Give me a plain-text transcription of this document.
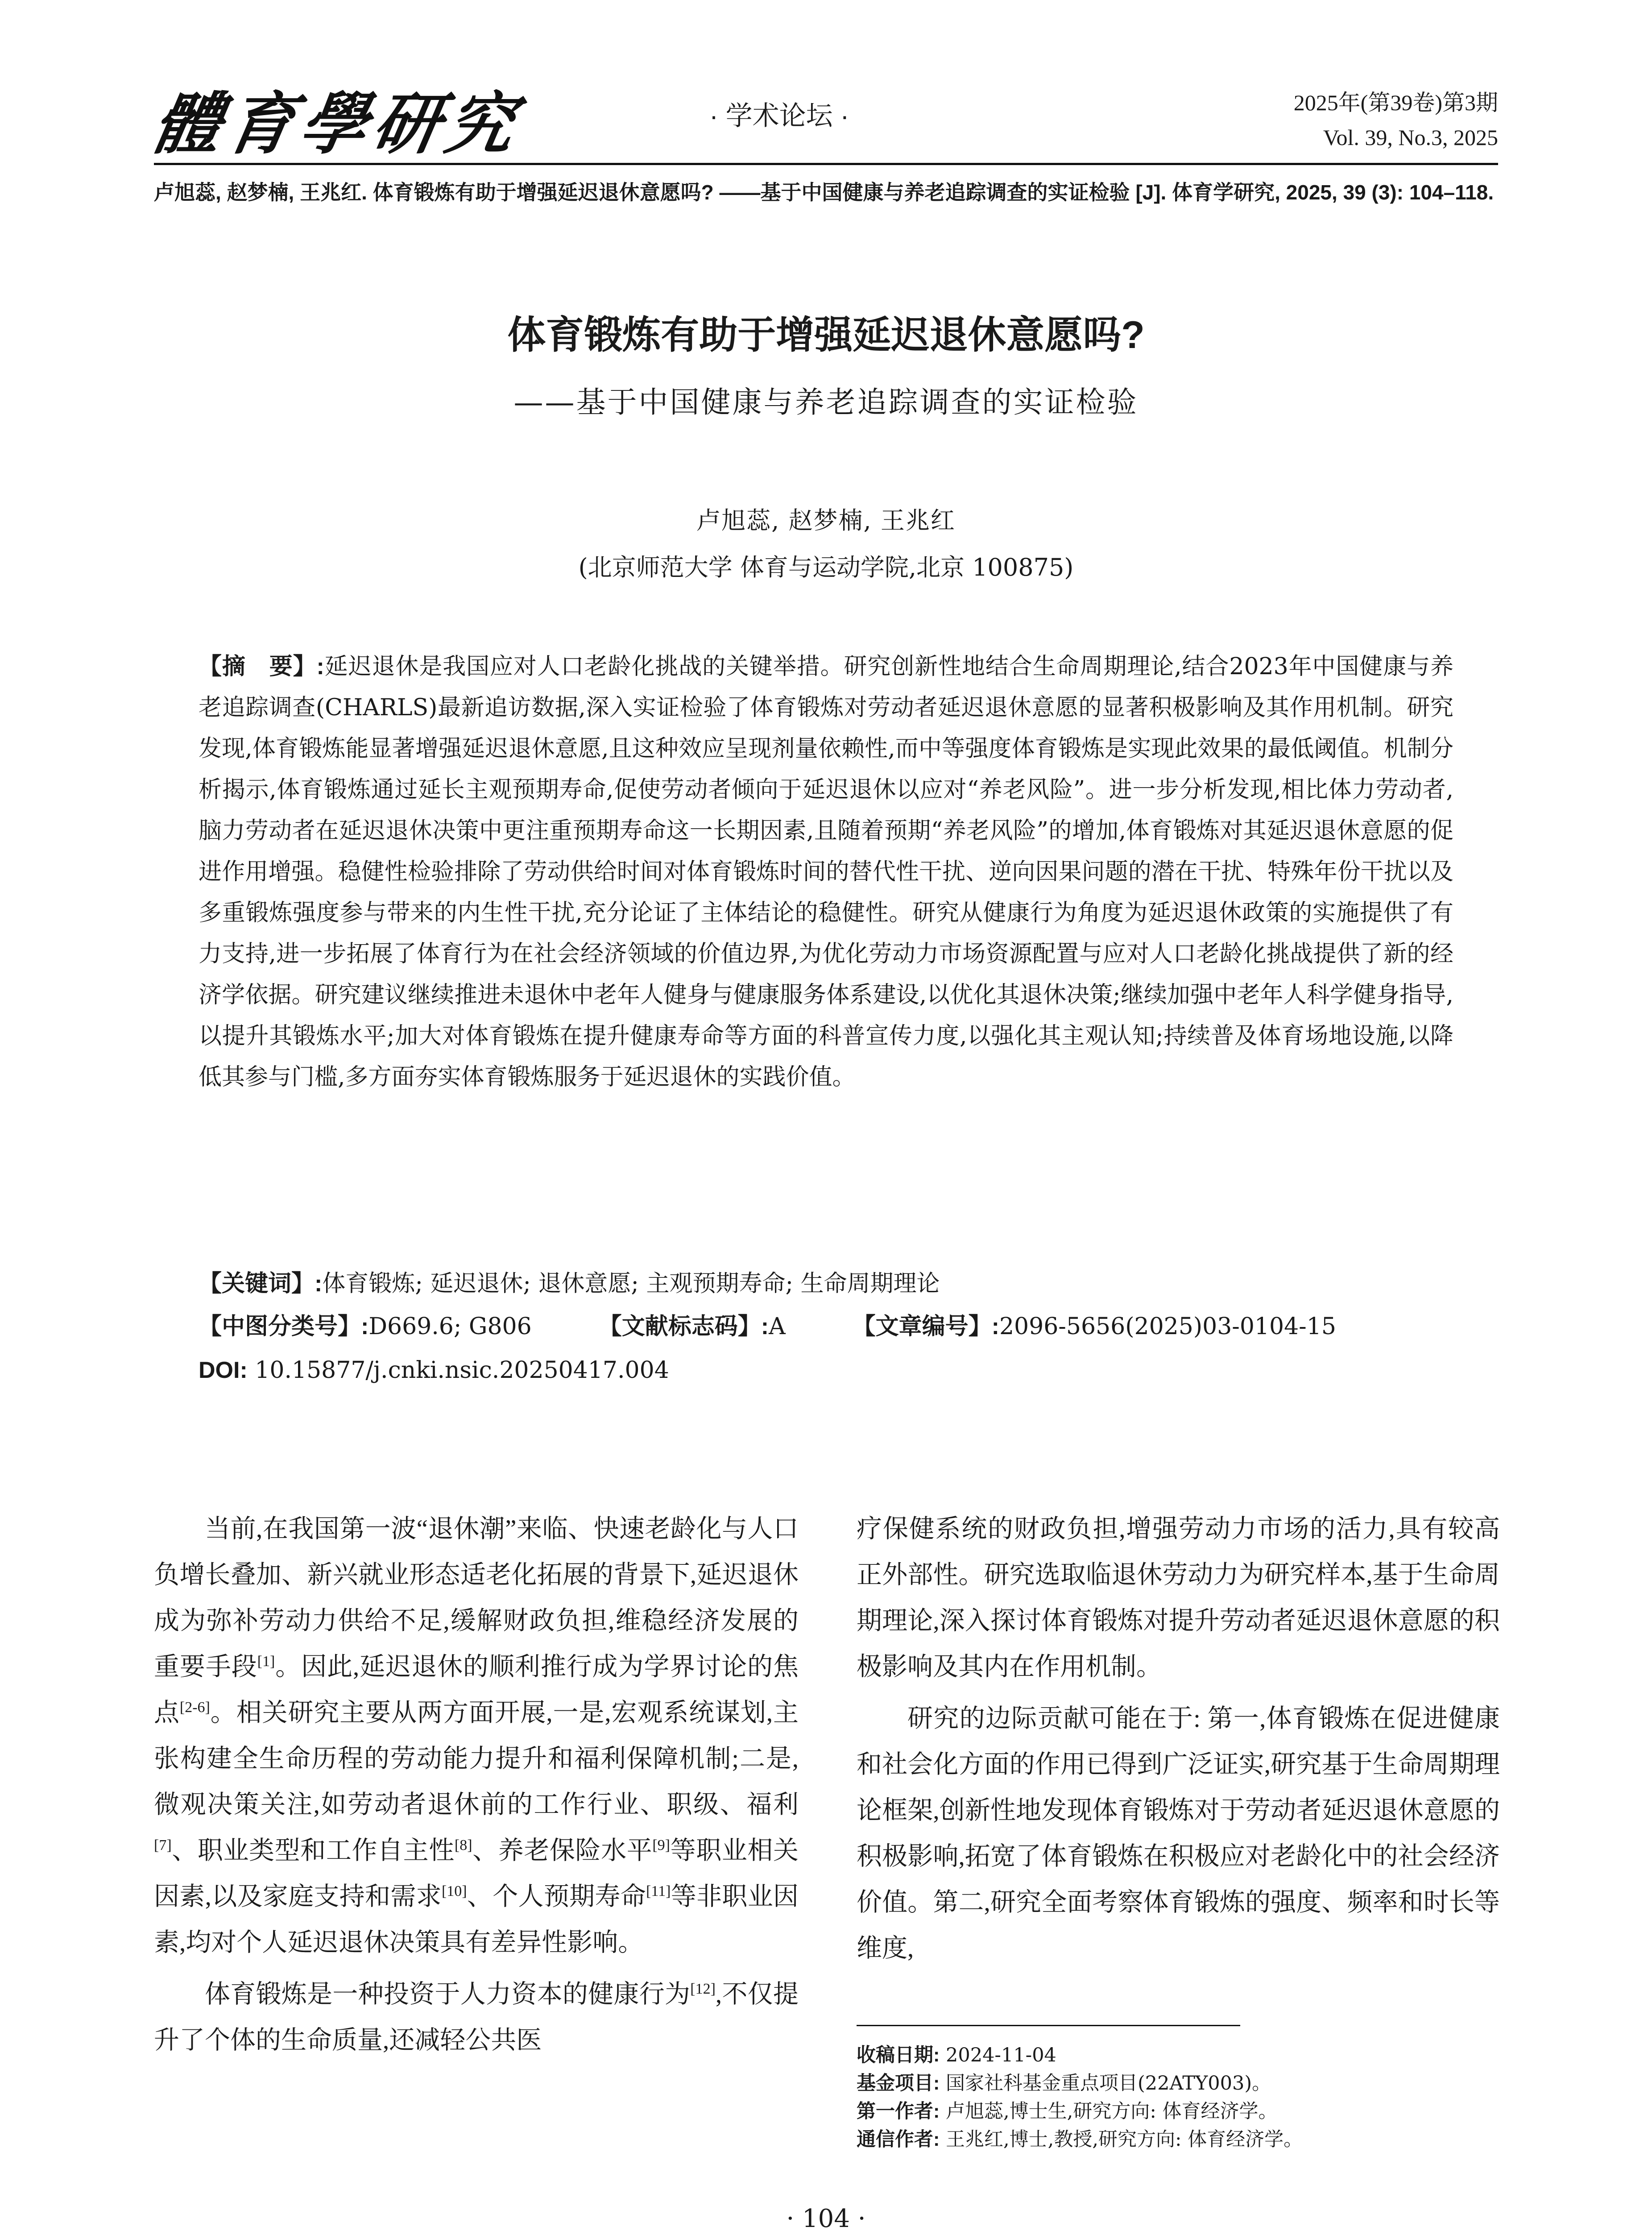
體育學研究	· 学术论坛 ·	2025年(第39卷)第3期
Vol. 39, No.3, 2025
卢旭蕊, 赵梦楠, 王兆红. 体育锻炼有助于增强延迟退休意愿吗? ——基于中国健康与养老追踪调查的实证检验 [J]. 体育学研究, 2025, 39 (3): 104–118.
体育锻炼有助于增强延迟退休意愿吗?
——基于中国健康与养老追踪调查的实证检验
卢旭蕊, 赵梦楠, 王兆红
(北京师范大学 体育与运动学院,北京 100875)
【摘　要】:延迟退休是我国应对人口老龄化挑战的关键举措。研究创新性地结合生命周期理论,结合2023年中国健康与养老追踪调查(CHARLS)最新追访数据,深入实证检验了体育锻炼对劳动者延迟退休意愿的显著积极影响及其作用机制。研究发现,体育锻炼能显著增强延迟退休意愿,且这种效应呈现剂量依赖性,而中等强度体育锻炼是实现此效果的最低阈值。机制分析揭示,体育锻炼通过延长主观预期寿命,促使劳动者倾向于延迟退休以应对“养老风险”。进一步分析发现,相比体力劳动者,脑力劳动者在延迟退休决策中更注重预期寿命这一长期因素,且随着预期“养老风险”的增加,体育锻炼对其延迟退休意愿的促进作用增强。稳健性检验排除了劳动供给时间对体育锻炼时间的替代性干扰、逆向因果问题的潜在干扰、特殊年份干扰以及多重锻炼强度参与带来的内生性干扰,充分论证了主体结论的稳健性。研究从健康行为角度为延迟退休政策的实施提供了有力支持,进一步拓展了体育行为在社会经济领域的价值边界,为优化劳动力市场资源配置与应对人口老龄化挑战提供了新的经济学依据。研究建议继续推进未退休中老年人健身与健康服务体系建设,以优化其退休决策;继续加强中老年人科学健身指导,以提升其锻炼水平;加大对体育锻炼在提升健康寿命等方面的科普宣传力度,以强化其主观认知;持续普及体育场地设施,以降低其参与门槛,多方面夯实体育锻炼服务于延迟退休的实践价值。
【关键词】:体育锻炼; 延迟退休; 退休意愿; 主观预期寿命; 生命周期理论
【中图分类号】:D669.6; G806	【文献标志码】:A	【文章编号】:2096-5656(2025)03-0104-15
DOI: 10.15877/j.cnki.nsic.20250417.004

当前,在我国第一波“退休潮”来临、快速老龄化与人口负增长叠加、新兴就业形态适老化拓展的背景下,延迟退休成为弥补劳动力供给不足,缓解财政负担,维稳经济发展的重要手段[1]。因此,延迟退休的顺利推行成为学界讨论的焦点[2-6]。相关研究主要从两方面开展,一是,宏观系统谋划,主张构建全生命历程的劳动能力提升和福利保障机制;二是,微观决策关注,如劳动者退休前的工作行业、职级、福利[7]、职业类型和工作自主性[8]、养老保险水平[9]等职业相关因素,以及家庭支持和需求[10]、个人预期寿命[11]等非职业因素,均对个人延迟退休决策具有差异性影响。

体育锻炼是一种投资于人力资本的健康行为[12],不仅提升了个体的生命质量,还减轻公共医

疗保健系统的财政负担,增强劳动力市场的活力,具有较高正外部性。研究选取临退休劳动力为研究样本,基于生命周期理论,深入探讨体育锻炼对提升劳动者延迟退休意愿的积极影响及其内在作用机制。

研究的边际贡献可能在于: 第一,体育锻炼在促进健康和社会化方面的作用已得到广泛证实,研究基于生命周期理论框架,创新性地发现体育锻炼对于劳动者延迟退休意愿的积极影响,拓宽了体育锻炼在积极应对老龄化中的社会经济价值。第二,研究全面考察体育锻炼的强度、频率和时长等维度,

收稿日期: 2024-11-04
基金项目: 国家社科基金重点项目(22ATY003)。
第一作者: 卢旭蕊,博士生,研究方向: 体育经济学。
通信作者: 王兆红,博士,教授,研究方向: 体育经济学。
· 104 ·
